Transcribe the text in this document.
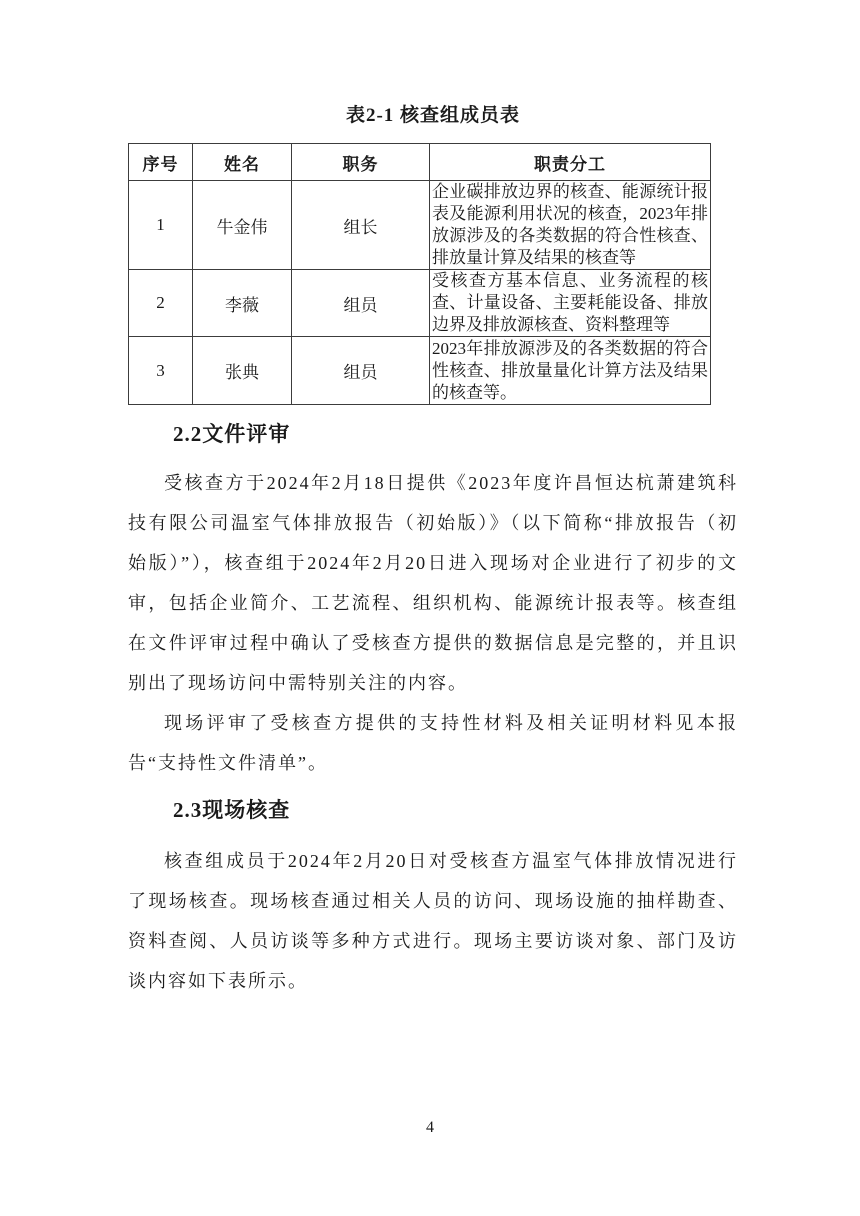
表2-1 核查组成员表
序号	姓名	职务	职责分工
1	牛金伟	组长	企业碳排放边界的核查、能源统计报表及能源利用状况的核查，2023年排放源涉及的各类数据的符合性核查、排放量计算及结果的核查等
2	李薇	组员	受核查方基本信息、业务流程的核查、计量设备、主要耗能设备、排放边界及排放源核查、资料整理等
3	张典	组员	2023年排放源涉及的各类数据的符合性核查、排放量量化计算方法及结果的核查等。
2.2文件评审

受核查方于2024年2月18日提供《2023年度许昌恒达杭萧建筑科技有限公司温室气体排放报告（初始版）》（以下简称“排放报告（初始版）”），核查组于2024年2月20日进入现场对企业进行了初步的文审，包括企业简介、工艺流程、组织机构、能源统计报表等。核查组在文件评审过程中确认了受核查方提供的数据信息是完整的，并且识别出了现场访问中需特别关注的内容。

现场评审了受核查方提供的支持性材料及相关证明材料见本报告“支持性文件清单”。

2.3现场核查

核查组成员于2024年2月20日对受核查方温室气体排放情况进行了现场核查。现场核查通过相关人员的访问、现场设施的抽样勘查、资料查阅、人员访谈等多种方式进行。现场主要访谈对象、部门及访谈内容如下表所示。

4
